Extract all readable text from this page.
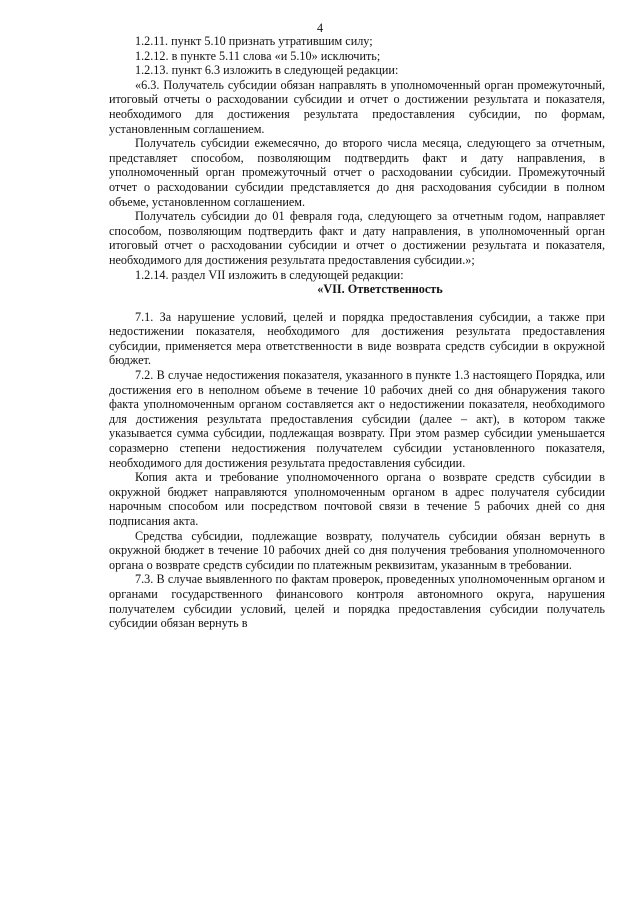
4

1.2.11. пункт 5.10 признать утратившим силу;

1.2.12. в пункте 5.11 слова «и 5.10» исключить;

1.2.13. пункт 6.3 изложить в следующей редакции:

«6.3. Получатель субсидии обязан направлять в уполномоченный орган промежуточный, итоговый отчеты о расходовании субсидии и отчет о достижении результата и показателя, необходимого для достижения результата предоставления субсидии, по формам, установленным соглашением.

Получатель субсидии ежемесячно, до второго числа месяца, следующего за отчетным, представляет способом, позволяющим подтвердить факт и дату направления, в уполномоченный орган промежуточный отчет о расходовании субсидии. Промежуточный отчет о расходовании субсидии представляется до дня расходования субсидии в полном объеме, установленном соглашением.

Получатель субсидии до 01 февраля года, следующего за отчетным годом, направляет способом, позволяющим подтвердить факт и дату направления, в уполномоченный орган итоговый отчет о расходовании субсидии и отчет о достижении результата и показателя, необходимого для достижения результата предоставления субсидии.»;

1.2.14. раздел VII изложить в следующей редакции:

«VII. Ответственность

7.1. За нарушение условий, целей и порядка предоставления субсидии, а также при недостижении показателя, необходимого для достижения результата предоставления субсидии, применяется мера ответственности в виде возврата средств субсидии в окружной бюджет.

7.2. В случае недостижения показателя, указанного в пункте 1.3 настоящего Порядка, или достижения его в неполном объеме в течение 10 рабочих дней со дня обнаружения такого факта уполномоченным органом составляется акт о недостижении показателя, необходимого для достижения результата предоставления субсидии (далее – акт), в котором также указывается сумма субсидии, подлежащая возврату. При этом размер субсидии уменьшается соразмерно степени недостижения получателем субсидии установленного показателя, необходимого для достижения результата предоставления субсидии.

Копия акта и требование уполномоченного органа о возврате средств субсидии в окружной бюджет направляются уполномоченным органом в адрес получателя субсидии нарочным способом или посредством почтовой связи в течение 5 рабочих дней со дня подписания акта.

Средства субсидии, подлежащие возврату, получатель субсидии обязан вернуть в окружной бюджет в течение 10 рабочих дней со дня получения требования уполномоченного органа о возврате средств субсидии по платежным реквизитам, указанным в требовании.

7.3. В случае выявленного по фактам проверок, проведенных уполномоченным органом и органами государственного финансового контроля автономного округа, нарушения получателем субсидии условий, целей и порядка предоставления субсидии получатель субсидии обязан вернуть в
